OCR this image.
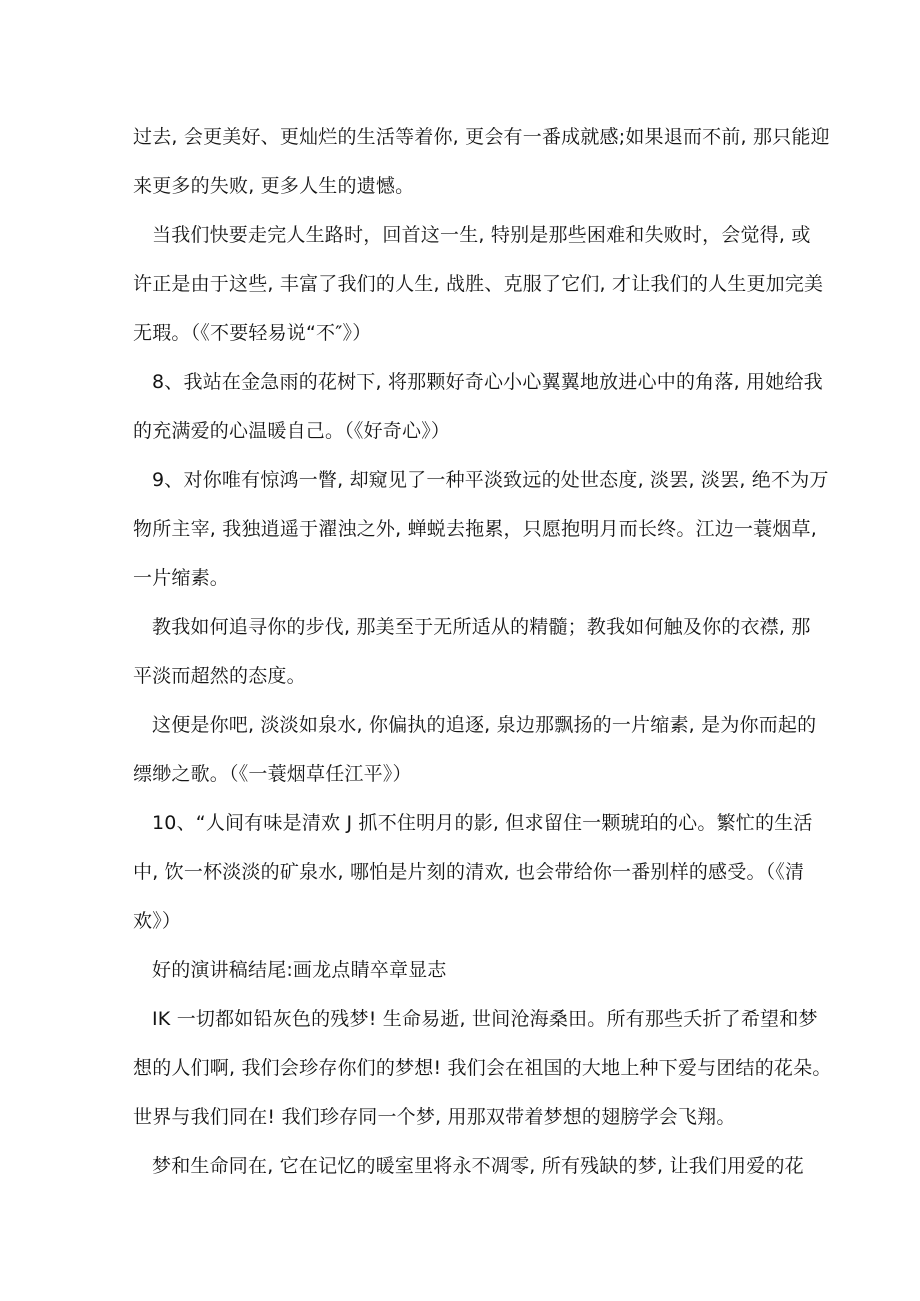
过去, 会更美好、更灿烂的生活等着你, 更会有一番成就感;如果退而不前, 那只能迎

来更多的失败, 更多人生的遗憾。

当我们快要走完人生路时，回首这一生, 特别是那些困难和失败时，会觉得, 或

许正是由于这些, 丰富了我们的人生, 战胜、克服了它们, 才让我们的人生更加完美

无瑕。（《不要轻易说“不″》）

8、我站在金急雨的花树下, 将那颗好奇心小心翼翼地放进心中的角落, 用她给我

的充满爱的心温暖自己。（《好奇心》）

9、对你唯有惊鸿一瞥, 却窥见了一种平淡致远的处世态度, 淡罢, 淡罢, 绝不为万

物所主宰, 我独逍遥于濯浊之外, 蝉蜕去拖累，只愿抱明月而长终。江边一蓑烟草,

一片缩素。

教我如何追寻你的步伐, 那美至于无所适从的精髓；教我如何触及你的衣襟, 那

平淡而超然的态度。

这便是你吧, 淡淡如泉水, 你偏执的追逐, 泉边那飘扬的一片缩素, 是为你而起的

缥缈之歌。（《一蓑烟草任江平》）

10、“人间有味是清欢 J 抓不住明月的影, 但求留住一颗琥珀的心。繁忙的生活

中, 饮一杯淡淡的矿泉水, 哪怕是片刻的清欢, 也会带给你一番别样的感受。（《清

欢》）

好的演讲稿结尾:画龙点睛卒章显志

IK 一切都如铅灰色的残梦! 生命易逝, 世间沧海桑田。所有那些夭折了希望和梦

想的人们啊, 我们会珍存你们的梦想! 我们会在祖国的大地上种下爱与团结的花朵。

世界与我们同在! 我们珍存同一个梦, 用那双带着梦想的翅膀学会飞翔。

梦和生命同在, 它在记忆的暖室里将永不凋零, 所有残缺的梦, 让我们用爱的花
